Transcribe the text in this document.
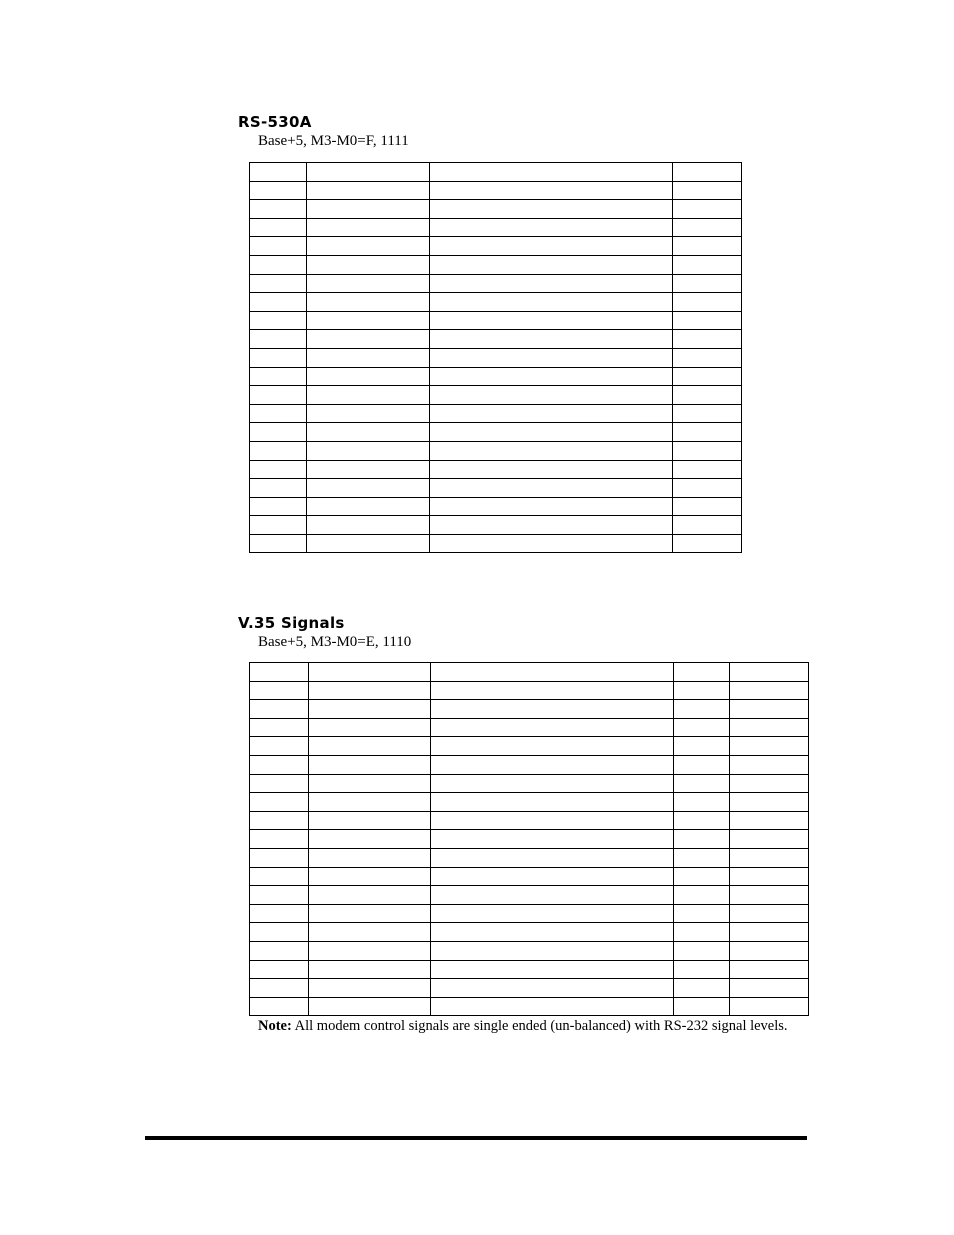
RS-530A
Base+5, M3-M0=F, 1111

V.35 Signals
Base+5, M3-M0=E, 1110

Note: All modem control signals are single ended (un-balanced) with RS-232 signal levels.
